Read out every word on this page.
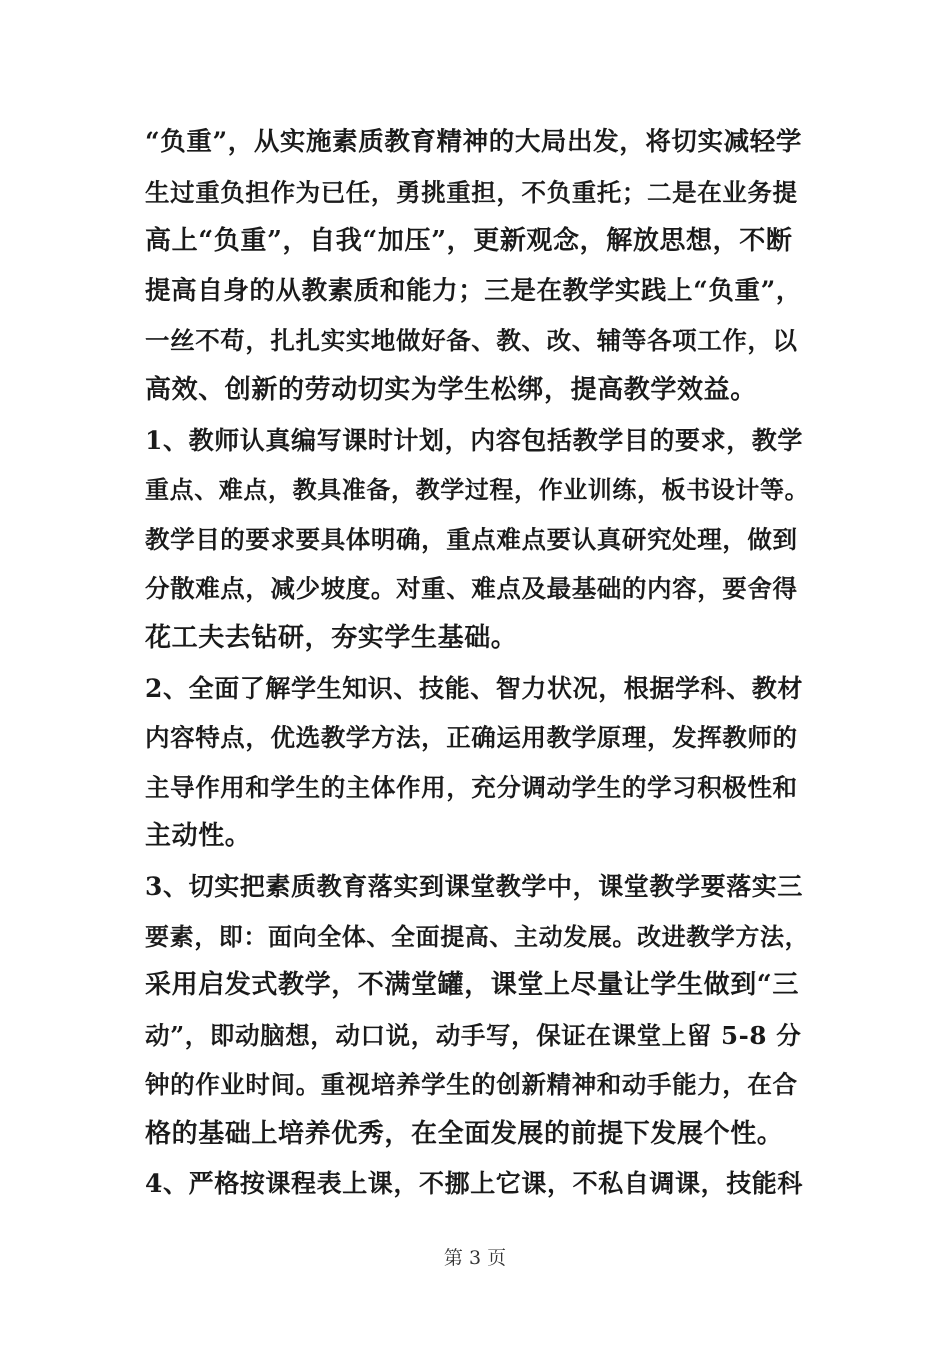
“负重”，从实施素质教育精神的大局出发，将切实减轻学
生过重负担作为已任，勇挑重担，不负重托；二是在业务提
高上“负重”，自我“加压”，更新观念，解放思想，不断
提高自身的从教素质和能力；三是在教学实践上“负重”，
一丝不苟，扎扎实实地做好备、教、改、辅等各项工作，以
高效、创新的劳动切实为学生松绑，提高教学效益。
1、教师认真编写课时计划，内容包括教学目的要求，教学
重点、难点，教具准备，教学过程，作业训练，板书设计等。
教学目的要求要具体明确，重点难点要认真研究处理，做到
分散难点，减少坡度。对重、难点及最基础的内容，要舍得
花工夫去钻研，夯实学生基础。
2、全面了解学生知识、技能、智力状况，根据学科、教材
内容特点，优选教学方法，正确运用教学原理，发挥教师的
主导作用和学生的主体作用，充分调动学生的学习积极性和
主动性。
3、切实把素质教育落实到课堂教学中，课堂教学要落实三
要素，即：面向全体、全面提高、主动发展。改进教学方法，
采用启发式教学，不满堂罐，课堂上尽量让学生做到“三
动”，即动脑想，动口说，动手写，保证在课堂上留 5-8 分
钟的作业时间。重视培养学生的创新精神和动手能力，在合
格的基础上培养优秀，在全面发展的前提下发展个性。
4、严格按课程表上课，不挪上它课，不私自调课，技能科
第 3 页
